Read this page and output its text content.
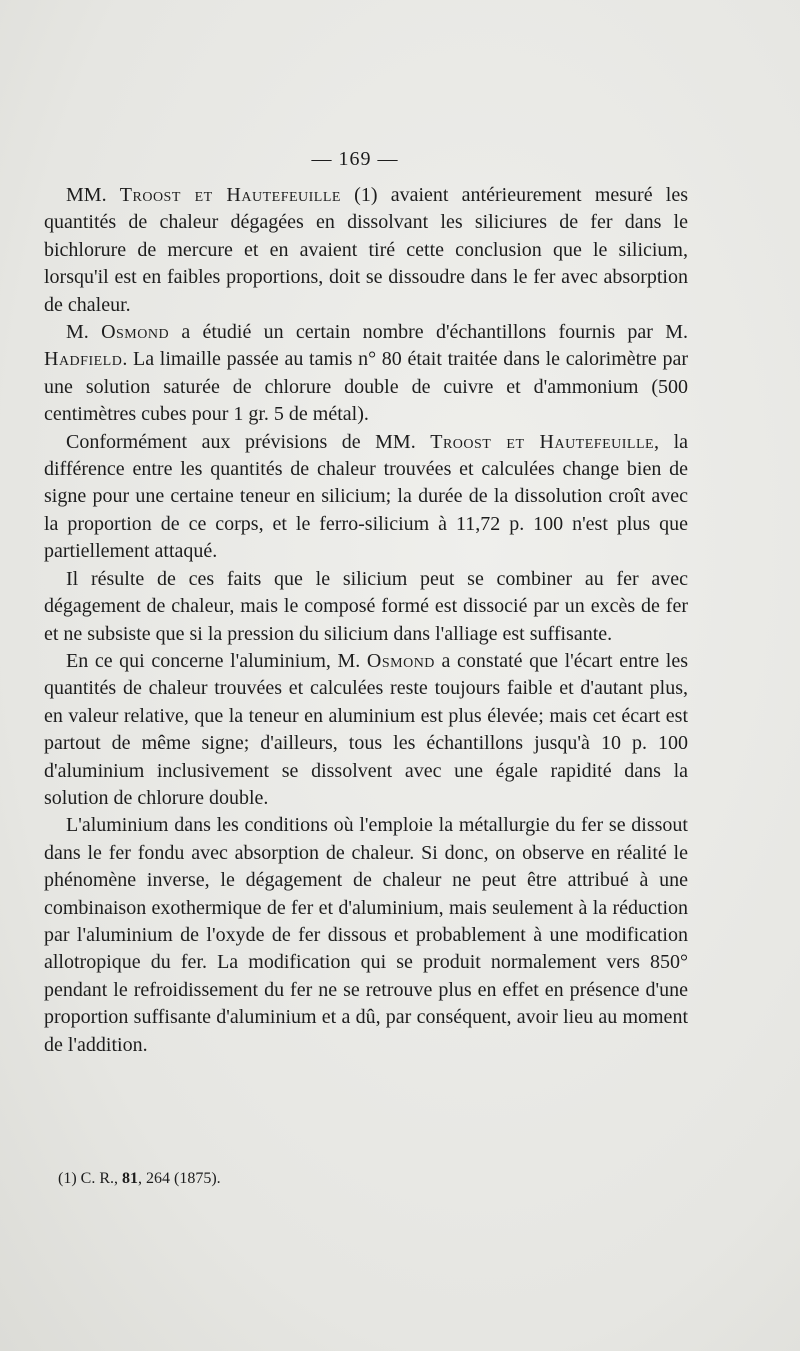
— 169 —

MM. Troost et Hautefeuille (1) avaient antérieurement mesuré les quantités de chaleur dégagées en dissolvant les siliciures de fer dans le bichlorure de mercure et en avaient tiré cette conclusion que le silicium, lorsqu'il est en faibles proportions, doit se dissoudre dans le fer avec absorption de chaleur.

M. Osmond a étudié un certain nombre d'échantillons fournis par M. Hadfield. La limaille passée au tamis n° 80 était traitée dans le calorimètre par une solution saturée de chlorure double de cuivre et d'ammonium (500 centimètres cubes pour 1 gr. 5 de métal).

Conformément aux prévisions de MM. Troost et Hautefeuille, la différence entre les quantités de chaleur trouvées et calculées change bien de signe pour une certaine teneur en silicium; la durée de la dissolution croît avec la proportion de ce corps, et le ferro-silicium à 11,72 p. 100 n'est plus que partiellement attaqué.

Il résulte de ces faits que le silicium peut se combiner au fer avec dégagement de chaleur, mais le composé formé est dissocié par un excès de fer et ne subsiste que si la pression du silicium dans l'alliage est suffisante.

En ce qui concerne l'aluminium, M. Osmond a constaté que l'écart entre les quantités de chaleur trouvées et calculées reste toujours faible et d'autant plus, en valeur relative, que la teneur en aluminium est plus élevée; mais cet écart est partout de même signe; d'ailleurs, tous les échantillons jusqu'à 10 p. 100 d'aluminium inclusivement se dissolvent avec une égale rapidité dans la solution de chlorure double.

L'aluminium dans les conditions où l'emploie la métallurgie du fer se dissout dans le fer fondu avec absorption de chaleur. Si donc, on observe en réalité le phénomène inverse, le dégagement de chaleur ne peut être attribué à une combinaison exothermique de fer et d'aluminium, mais seulement à la réduction par l'aluminium de l'oxyde de fer dissous et probablement à une modification allotropique du fer. La modification qui se produit normalement vers 850° pendant le refroidissement du fer ne se retrouve plus en effet en présence d'une proportion suffisante d'aluminium et a dû, par conséquent, avoir lieu au moment de l'addition.

(1) C. R., 81, 264 (1875).
